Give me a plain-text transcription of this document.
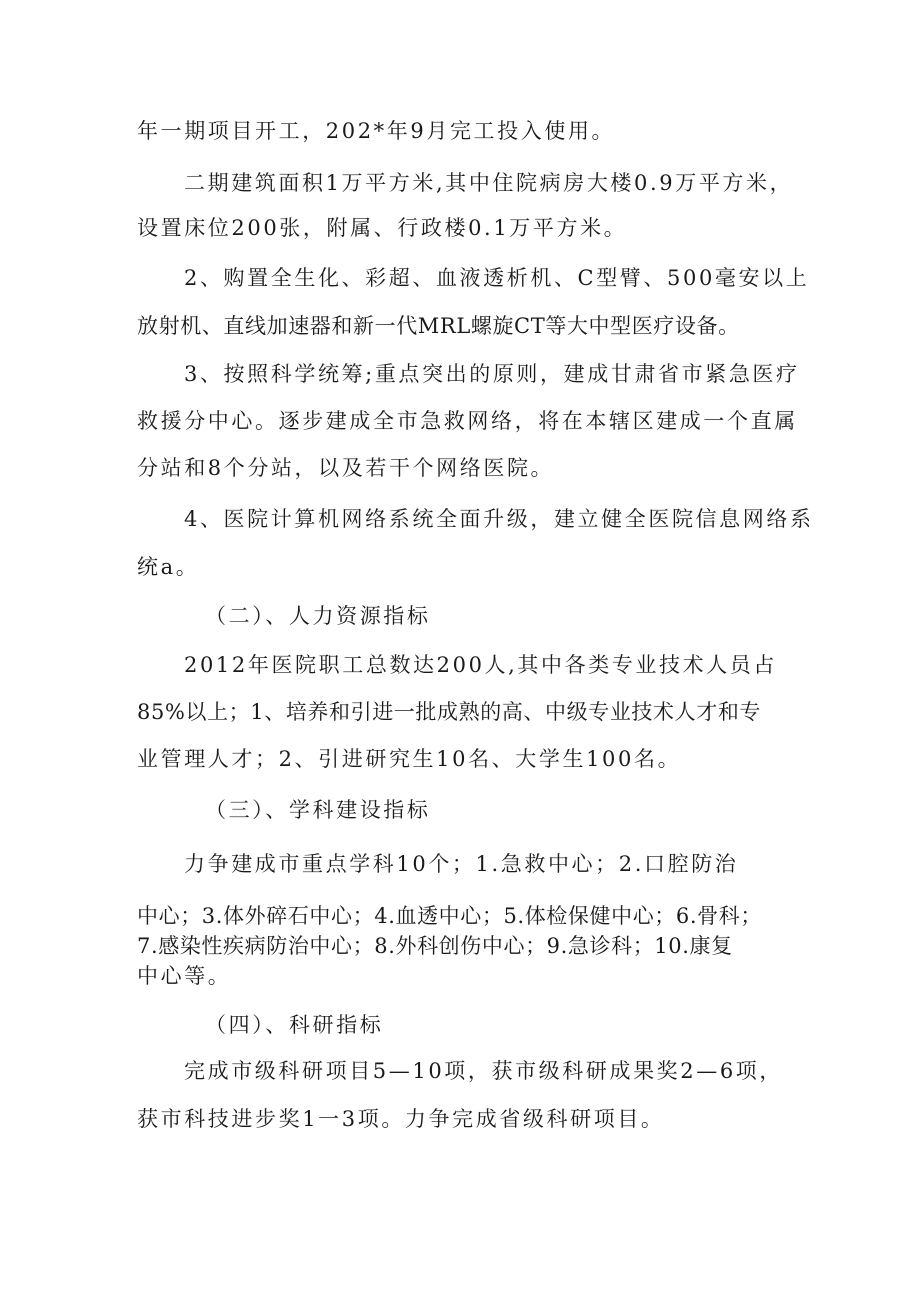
年一期项目开工，202*年9月完工投入使用。
二期建筑面积1万平方米,其中住院病房大楼0.9万平方米，
设置床位200张，附属、行政楼0.1万平方米。
2、购置全生化、彩超、血液透析机、C型臂、500毫安以上
放射机、直线加速器和新一代MRL螺旋CT等大中型医疗设备。
3、按照科学统筹;重点突出的原则，建成甘肃省市紧急医疗
救援分中心。逐步建成全市急救网络，将在本辖区建成一个直属
分站和8个分站，以及若干个网络医院。
4、医院计算机网络系统全面升级，建立健全医院信息网络系
统a。
（二）、人力资源指标
2012年医院职工总数达200人,其中各类专业技术人员占
85%以上；1、培养和引进一批成熟的高、中级专业技术人才和专
业管理人才；2、引进研究生10名、大学生100名。
（三）、学科建设指标
力争建成市重点学科10个；1.急救中心；2.口腔防治
中心；3.体外碎石中心；4.血透中心；5.体检保健中心；6.骨科；
7.感染性疾病防治中心；8.外科创伤中心；9.急诊科；10.康复
中心等。
（四）、科研指标
完成市级科研项目5—10项，获市级科研成果奖2—6项，
获市科技进步奖1一3项。力争完成省级科研项目。
